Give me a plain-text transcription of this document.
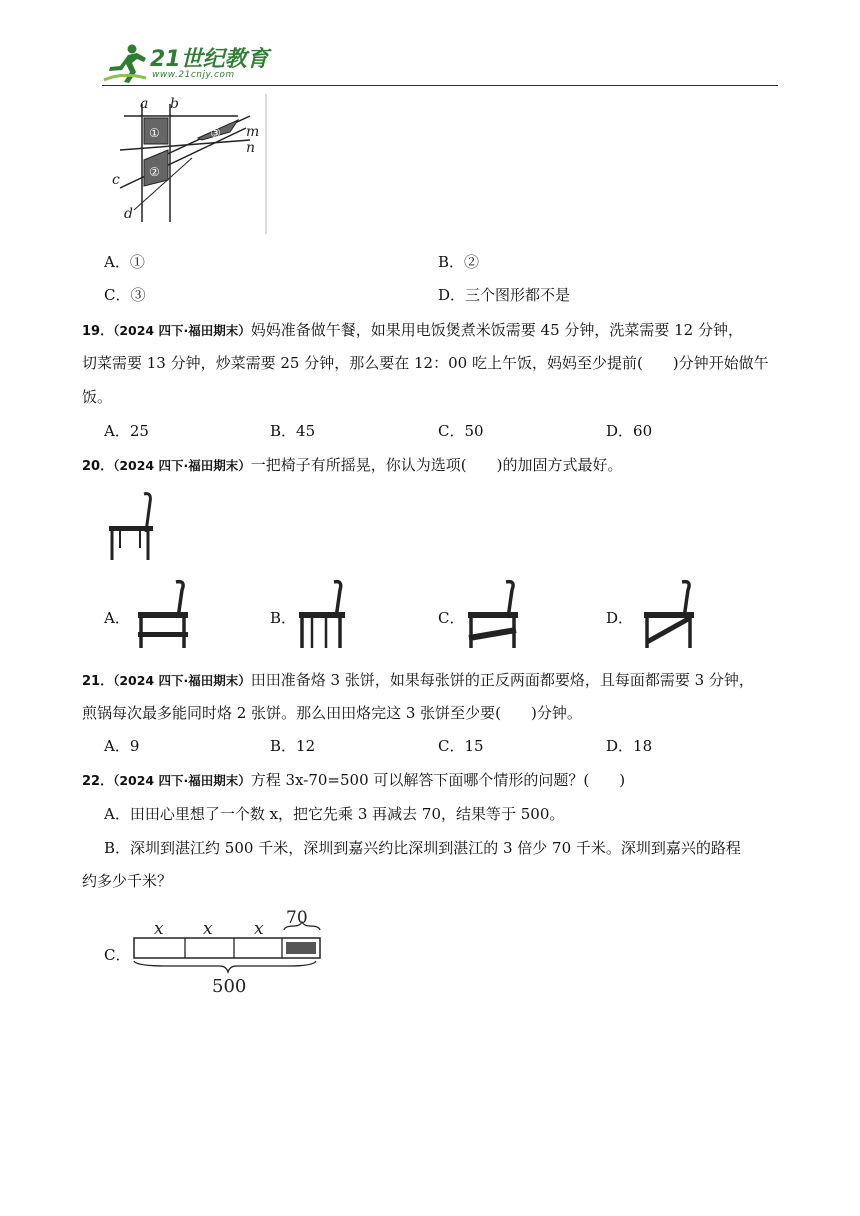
21世纪教育
www.21cnjy.com
a b
m
n
c
d
①
②
③
A．①	B．②
C．③	D．三个图形都不是
19．（2024 四下·福田期末）妈妈准备做午餐，如果用电饭煲煮米饭需要 45 分钟，洗菜需要 12 分钟，
切菜需要 13 分钟，炒菜需要 25 分钟，那么要在 12：00 吃上午饭，妈妈至少提前(　　)分钟开始做午
饭。
A．25	B．45	C．50	D．60
20．（2024 四下·福田期末）一把椅子有所摇晃，你认为选项(　　)的加固方式最好。
A．	B．	C．	D．
21．（2024 四下·福田期末）田田准备烙 3 张饼，如果每张饼的正反两面都要烙，且每面都需要 3 分钟，
煎锅每次最多能同时烙 2 张饼。那么田田烙完这 3 张饼至少要(　　)分钟。
A．9	B．12	C．15	D．18
22．（2024 四下·福田期末）方程 3x-70=500 可以解答下面哪个情形的问题？(　　)
A．田田心里想了一个数 x，把它先乘 3 再减去 70，结果等于 500。
B．深圳到湛江约 500 千米，深圳到嘉兴约比深圳到湛江的 3 倍少 70 千米。深圳到嘉兴的路程
约多少千米？
C．
x x x
70
500
